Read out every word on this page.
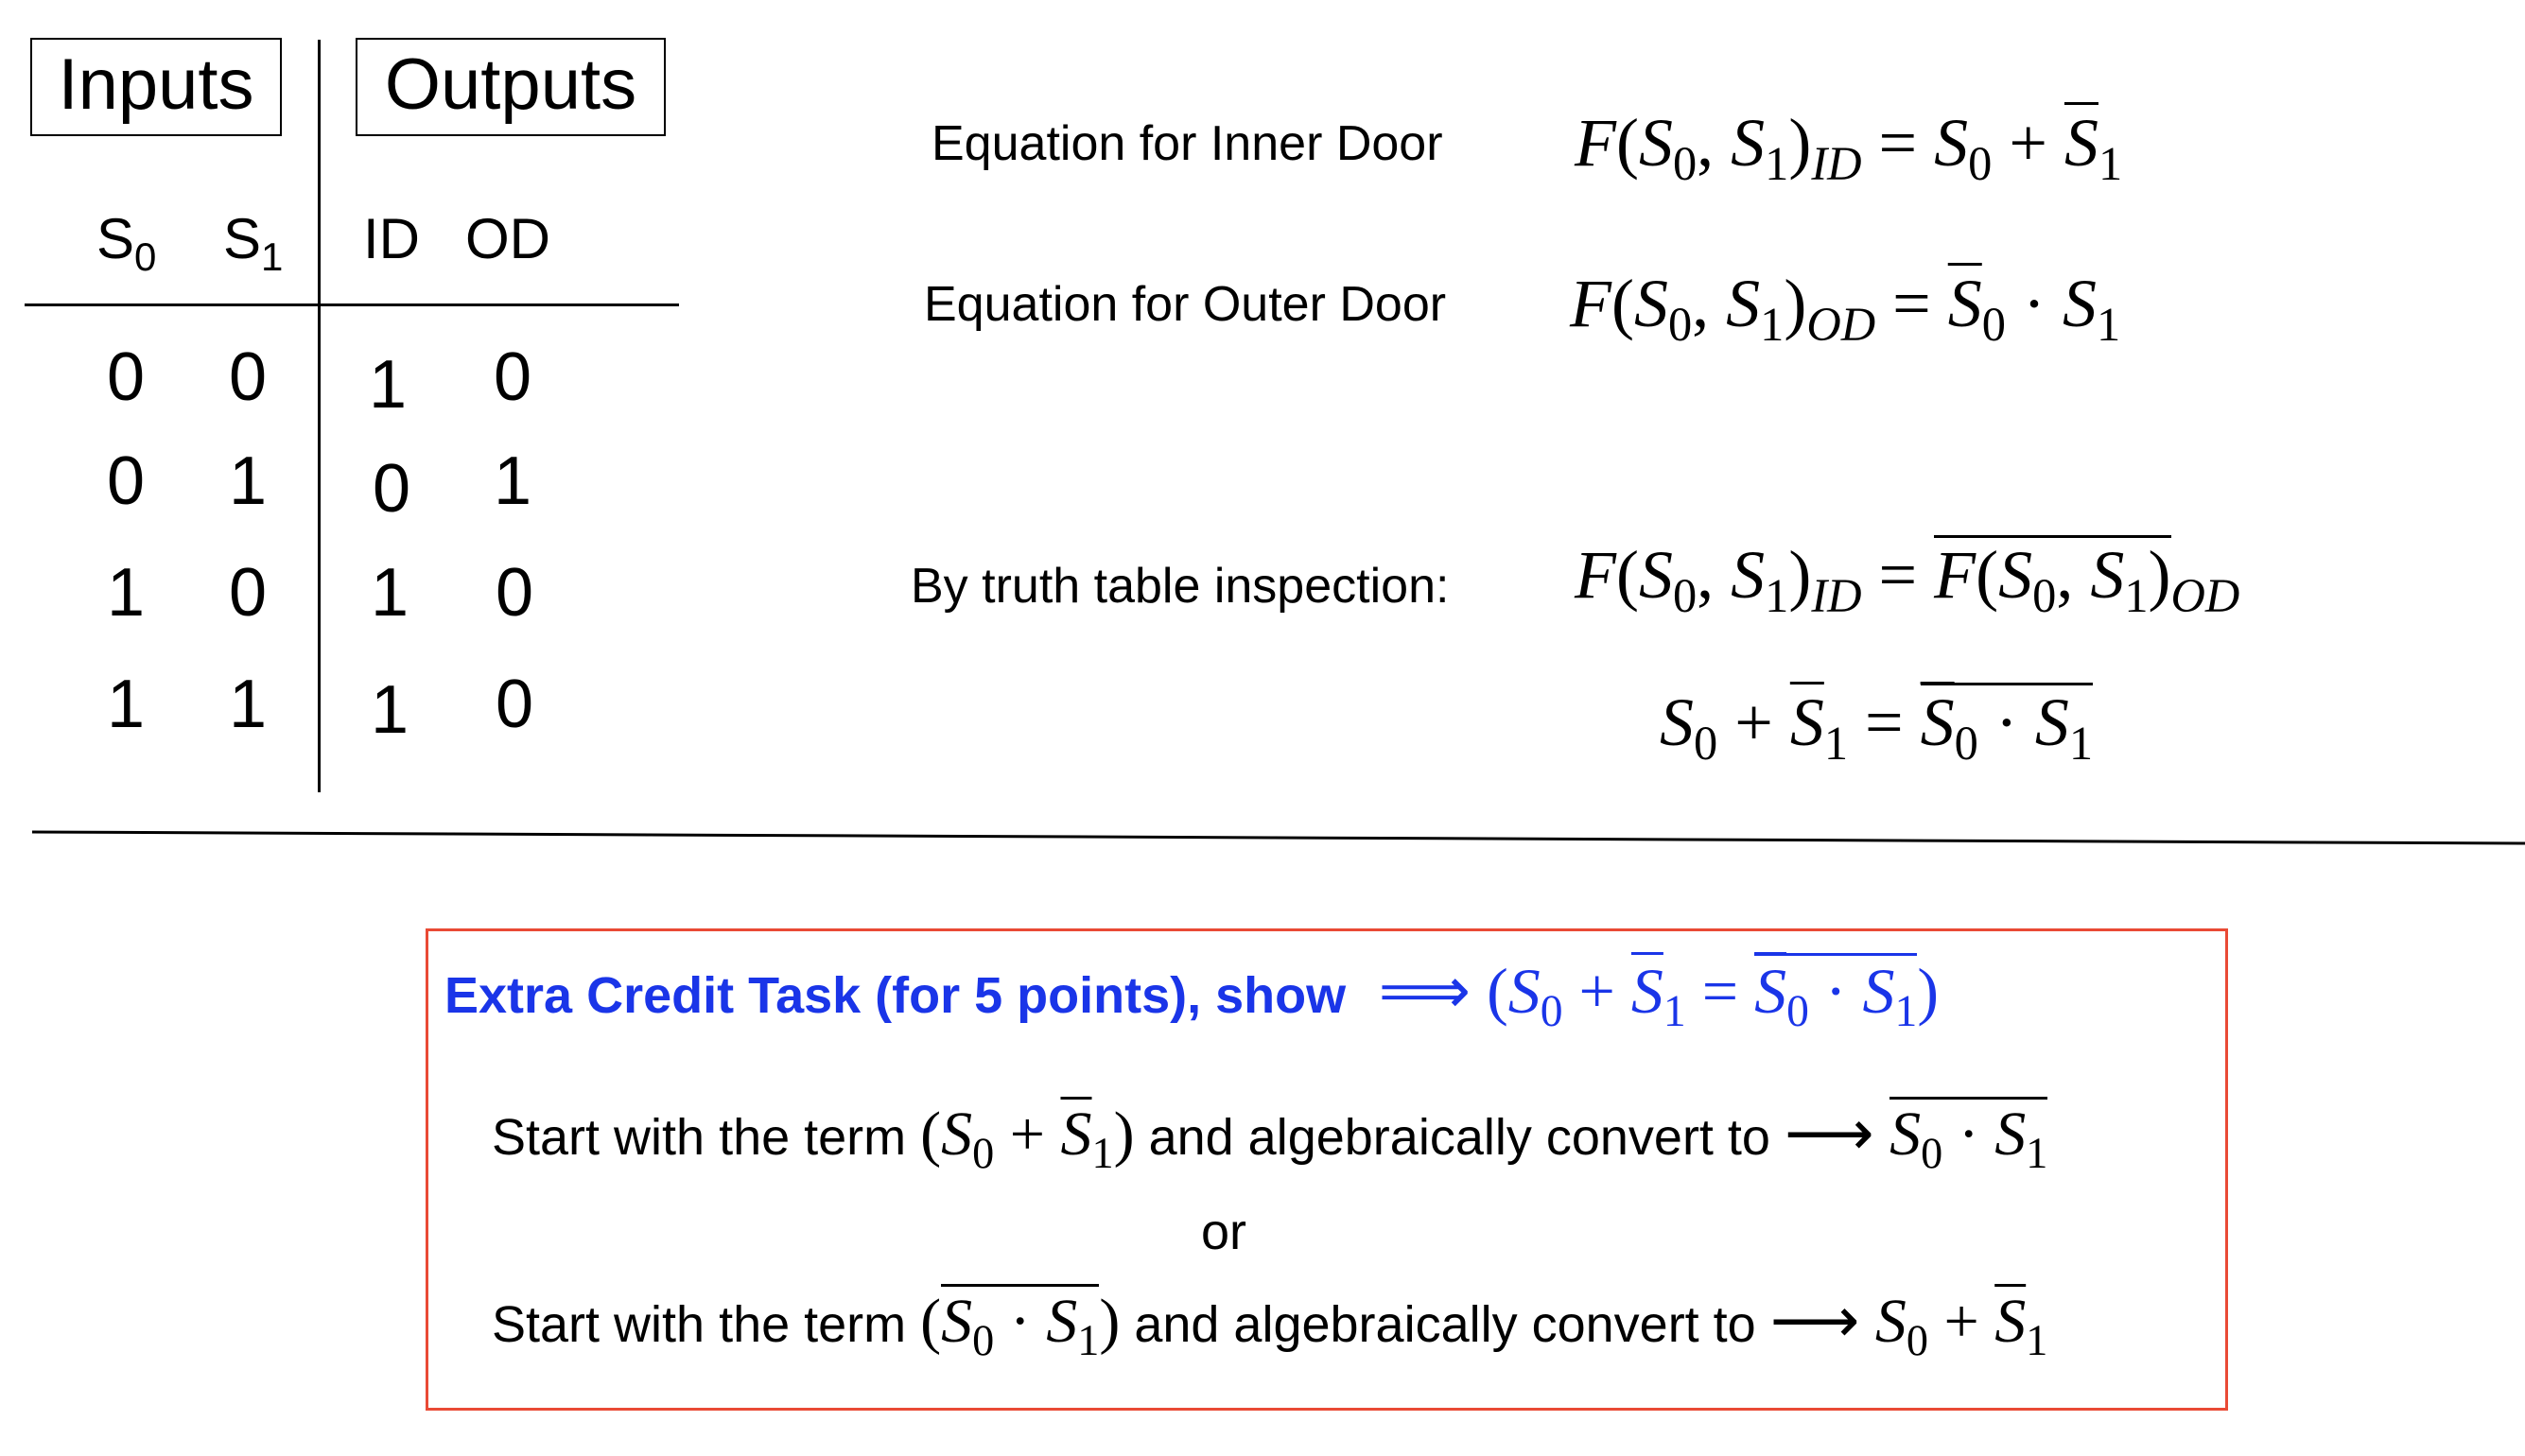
Inputs	Outputs
$S_0$ $S_1$ ID OD
0 0 1 0
0 1 0 1
1 0 1 0
1 1 1 0
Equation for Inner Door
Equation for Outer Door
By truth table inspection:
$F(S_0$, $S_1)_{ID} = S_0 + \overline{S}_1$
$F(S_0$, $S_1)_{OD} = \overline{S}_0 \cdot S_1$
$F(S_0$, $S_1)_{ID} = F(S_0$, $S_1)_{OD}$
$S_0 + \overline{S}_1 = \overline{S}_0 \cdot S_1$
Extra Credit Task (for 5 points), show ⟹ $(S_0 + \overline{S}_1 = \overline{S}_0 \cdot S_1)$
Start with the term $(S_0 + \overline{S}_1)$ and algebraically convert to ⟶ $\overline{S}_0 \cdot S_1$
or
Start with the term $(\overline{S}_0 \cdot S_1)$ and algebraically convert to ⟶ $S_0 + \overline{S}_1$
